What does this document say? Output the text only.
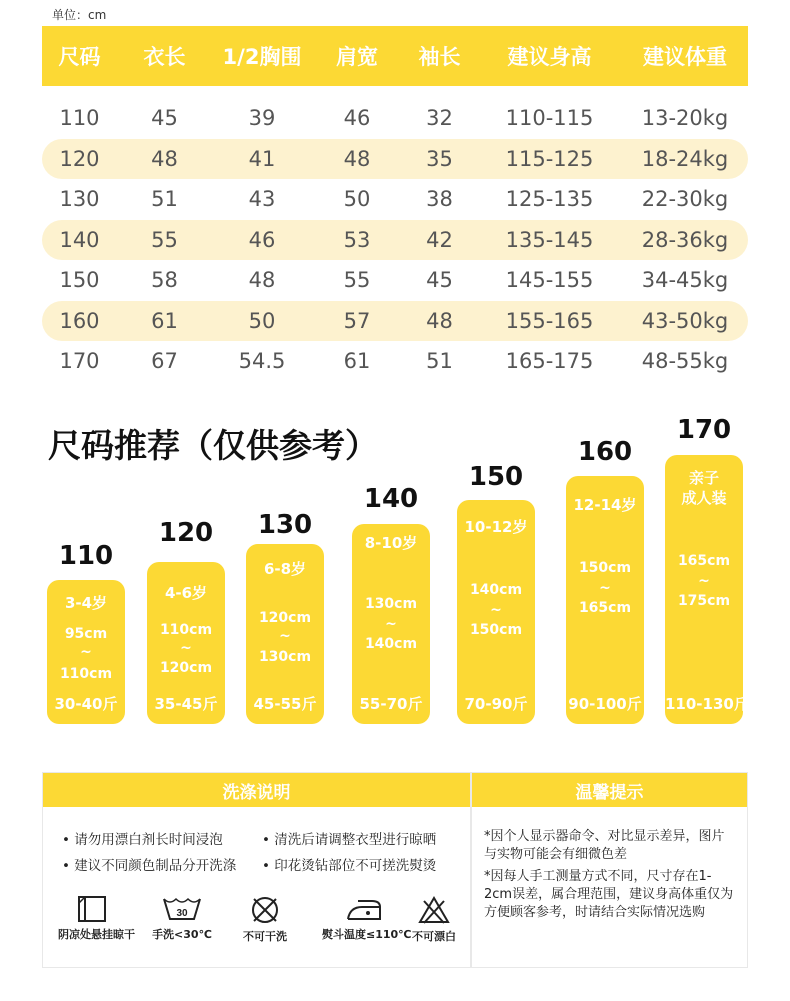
单位：cm
尺码	衣长	1/2胸围	肩宽	袖长	建议身高	建议体重
110	45	39	46	32	110-115	13-20kg
120	48	41	48	35	115-125	18-24kg
130	51	43	50	38	125-135	22-30kg
140	55	46	53	42	135-145	28-36kg
150	58	48	55	45	145-155	34-45kg
160	61	50	57	48	155-165	43-50kg
170	67	54.5	61	51	165-175	48-55kg
尺码推荐（仅供参考）
110
3-4岁
95cm
~
110cm
30-40斤
120
4-6岁
110cm
~
120cm
35-45斤
130
6-8岁
120cm
~
130cm
45-55斤
140
8-10岁
130cm
~
140cm
55-70斤
150
10-12岁
140cm
~
150cm
70-90斤
160
12-14岁
150cm
~
165cm
90-100斤
170
亲子
成人装
165cm
~
175cm
110-130斤
洗涤说明
• 请勿用漂白剂长时间浸泡	• 清洗后请调整衣型进行晾晒
• 建议不同颜色制品分开洗涤 • 印花烫钻部位不可搓洗熨烫
阴凉处悬挂晾干
30
手洗<30℃	不可干洗	熨斗温度≤110℃ 不可漂白
温馨提示
*因个人显示器命令、对比显示差异，图片与实物可能会有细微色差
*因每人手工测量方式不同，尺寸存在1-2cm误差，属合理范围，建议身高体重仅为方便顾客参考，时请结合实际情况选购
